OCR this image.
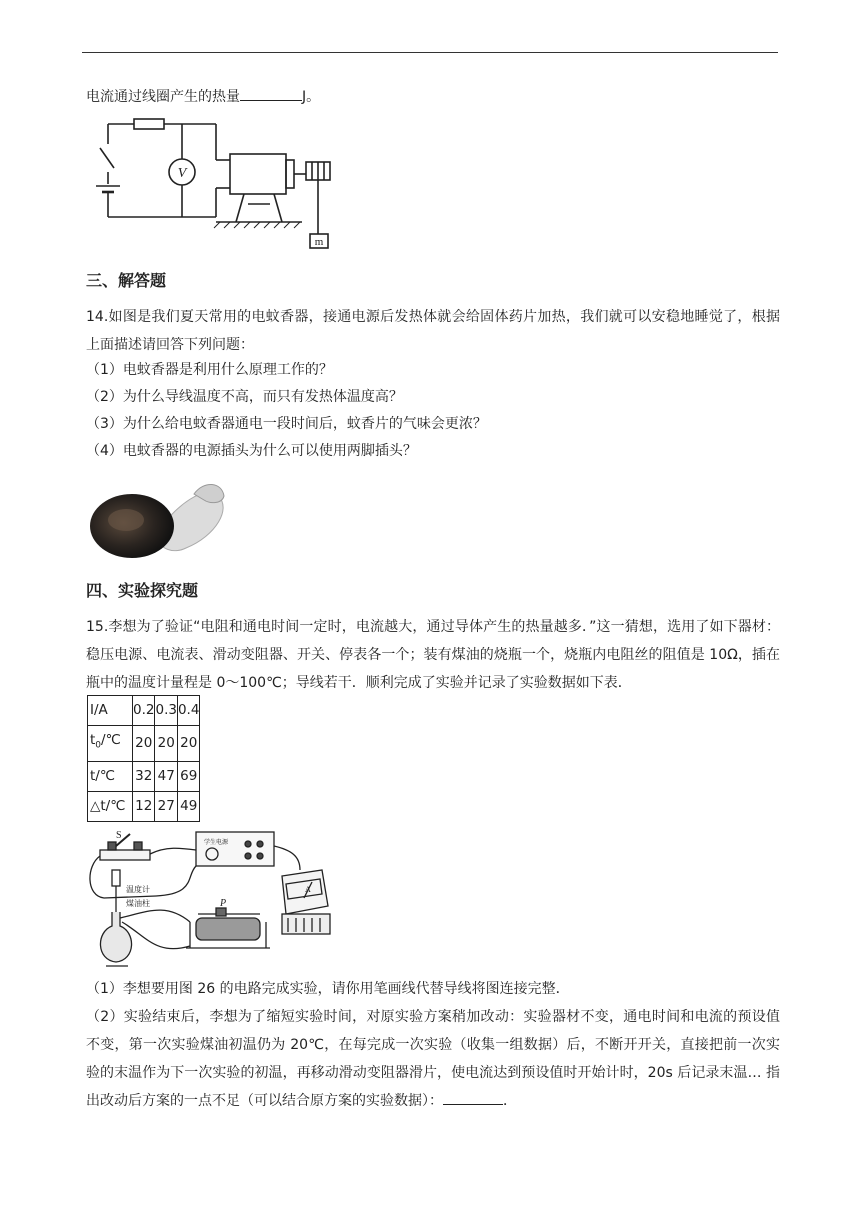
电流通过线圈产生的热量	J。
V
m
三、解答题
14.如图是我们夏天常用的电蚊香器，接通电源后发热体就会给固体药片加热，我们就可以安稳地睡觉了，根据上面描述请回答下列问题：
（1）电蚊香器是利用什么原理工作的？
（2）为什么导线温度不高，而只有发热体温度高？
（3）为什么给电蚊香器通电一段时间后，蚊香片的气味会更浓？
（4）电蚊香器的电源插头为什么可以使用两脚插头？
四、实验探究题
15.李想为了验证“电阻和通电时间一定时，电流越大，通过导体产生的热量越多．”这一猜想，选用了如下器材：稳压电源、电流表、滑动变阻器、开关、停表各一个；装有煤油的烧瓶一个，烧瓶内电阻丝的阻值是 10Ω，插在瓶中的温度计量程是 0～100℃；导线若干．顺利完成了实验并记录了实验数据如下表．
I/A	0.2	0.3	0.4
$t_0/℃$	20	20	20
t/℃	32	47	69
△t/℃	12	27	49
S
学生电源
温度计
煤油柱	P
A
（1）李想要用图 26 的电路完成实验，请你用笔画线代替导线将图连接完整．
（2）实验结束后，李想为了缩短实验时间，对原实验方案稍加改动：实验器材不变，通电时间和电流的预设值不变，第一次实验煤油初温仍为 20℃，在每完成一次实验（收集一组数据）后，不断开开关，直接把前一次实验的末温作为下一次实验的初温，再移动滑动变阻器滑片，使电流达到预设值时开始计时，20s 后记录末温… 指出改动后方案的一点不足（可以结合原方案的实验数据）：	．
